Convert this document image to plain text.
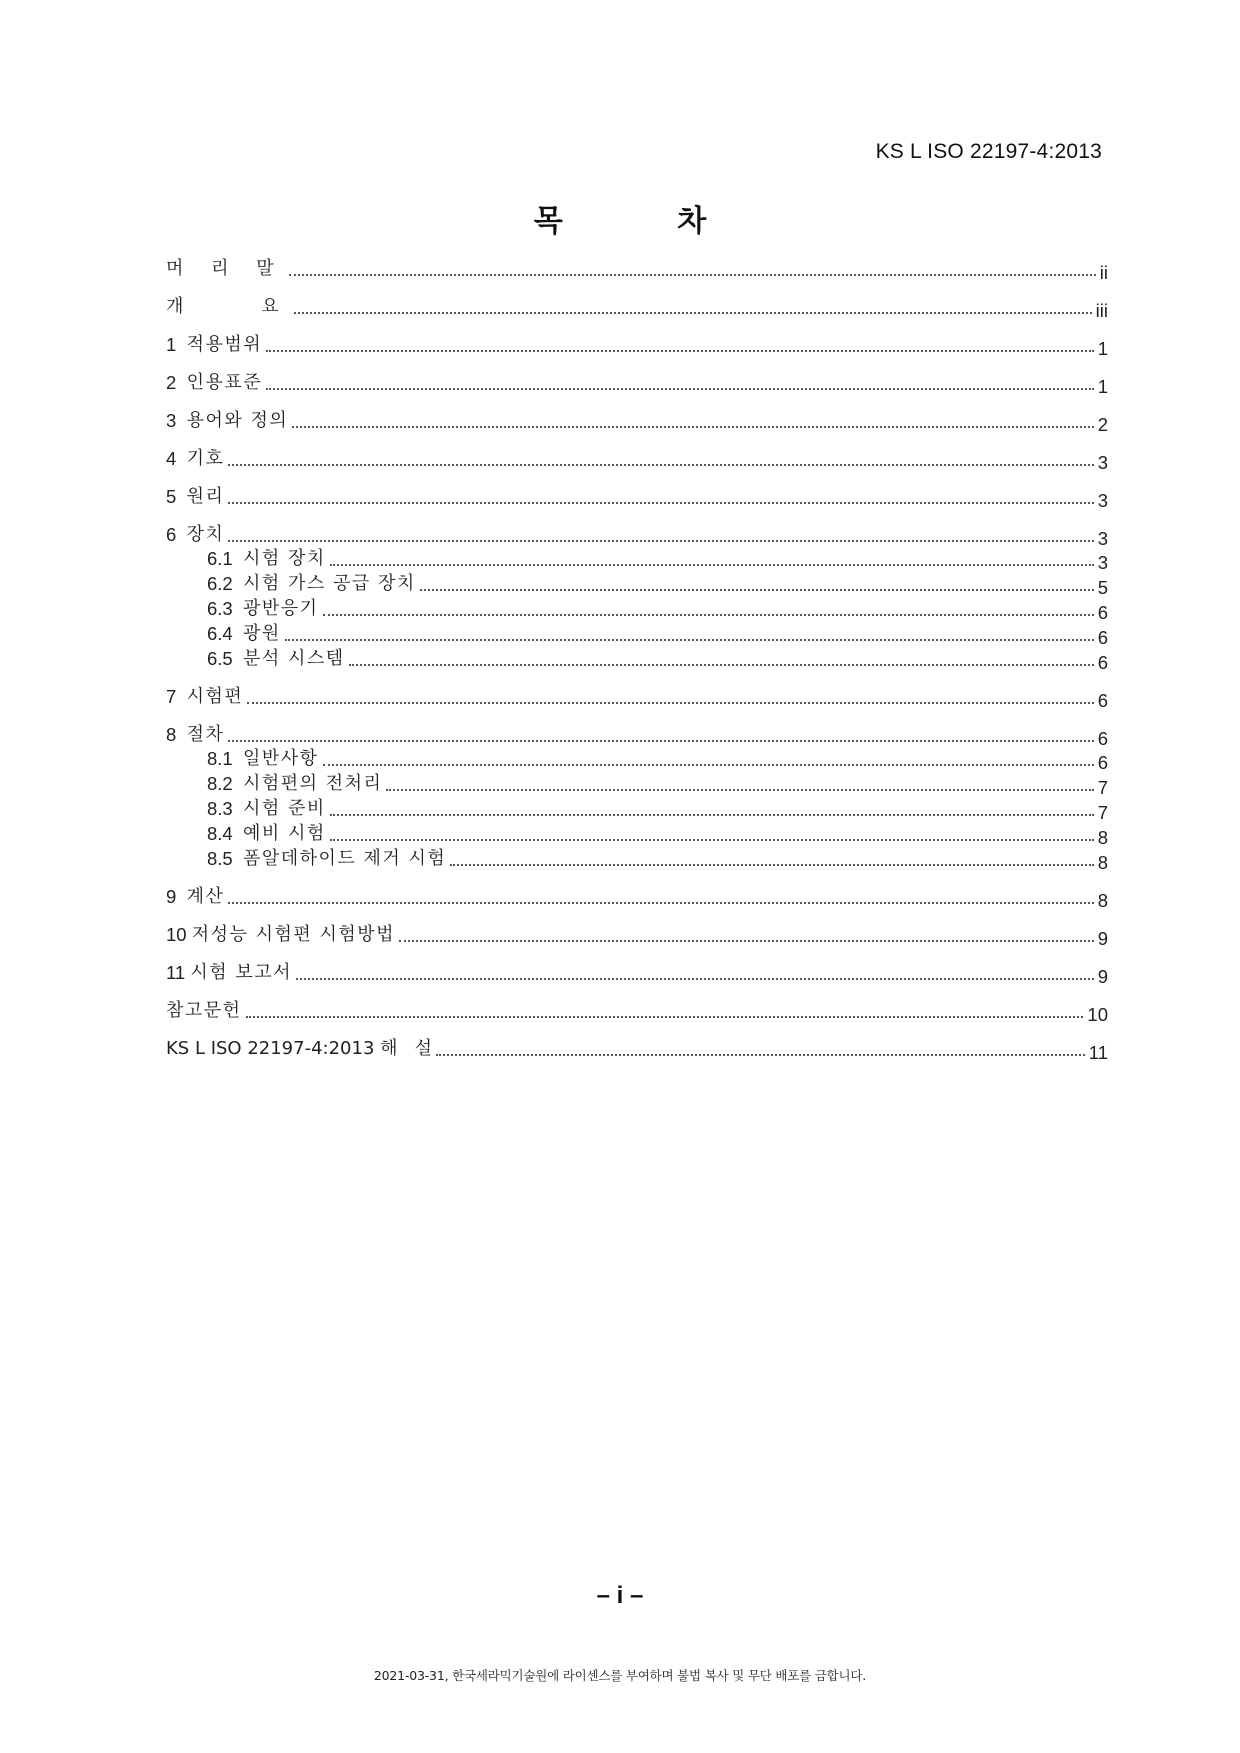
KS L ISO 22197-4:2013
목 차
머 리 말	ii
개    요	iii
1 적용범위	1
2 인용표준	1
3 용어와 정의	2
4 기호	3
5 원리	3
6 장치	3
6.1 시험 장치	3
6.2 시험 가스 공급 장치	5
6.3 광반응기	6
6.4 광원	6
6.5 분석 시스템	6
7 시험편	6
8 절차	6
8.1 일반사항	6
8.2 시험편의 전처리	7
8.3 시험 준비	7
8.4 예비 시험	8
8.5 폼알데하이드 제거 시험	8
9 계산	8
10 저성능 시험편 시험방법	9
11 시험 보고서	9
참고문헌	10
KS L ISO 22197-4:2013 해   설	11
– i –
2021-03-31, 한국세라믹기술원에 라이센스를 부여하며 불법 복사 및 무단 배포를 금합니다.
